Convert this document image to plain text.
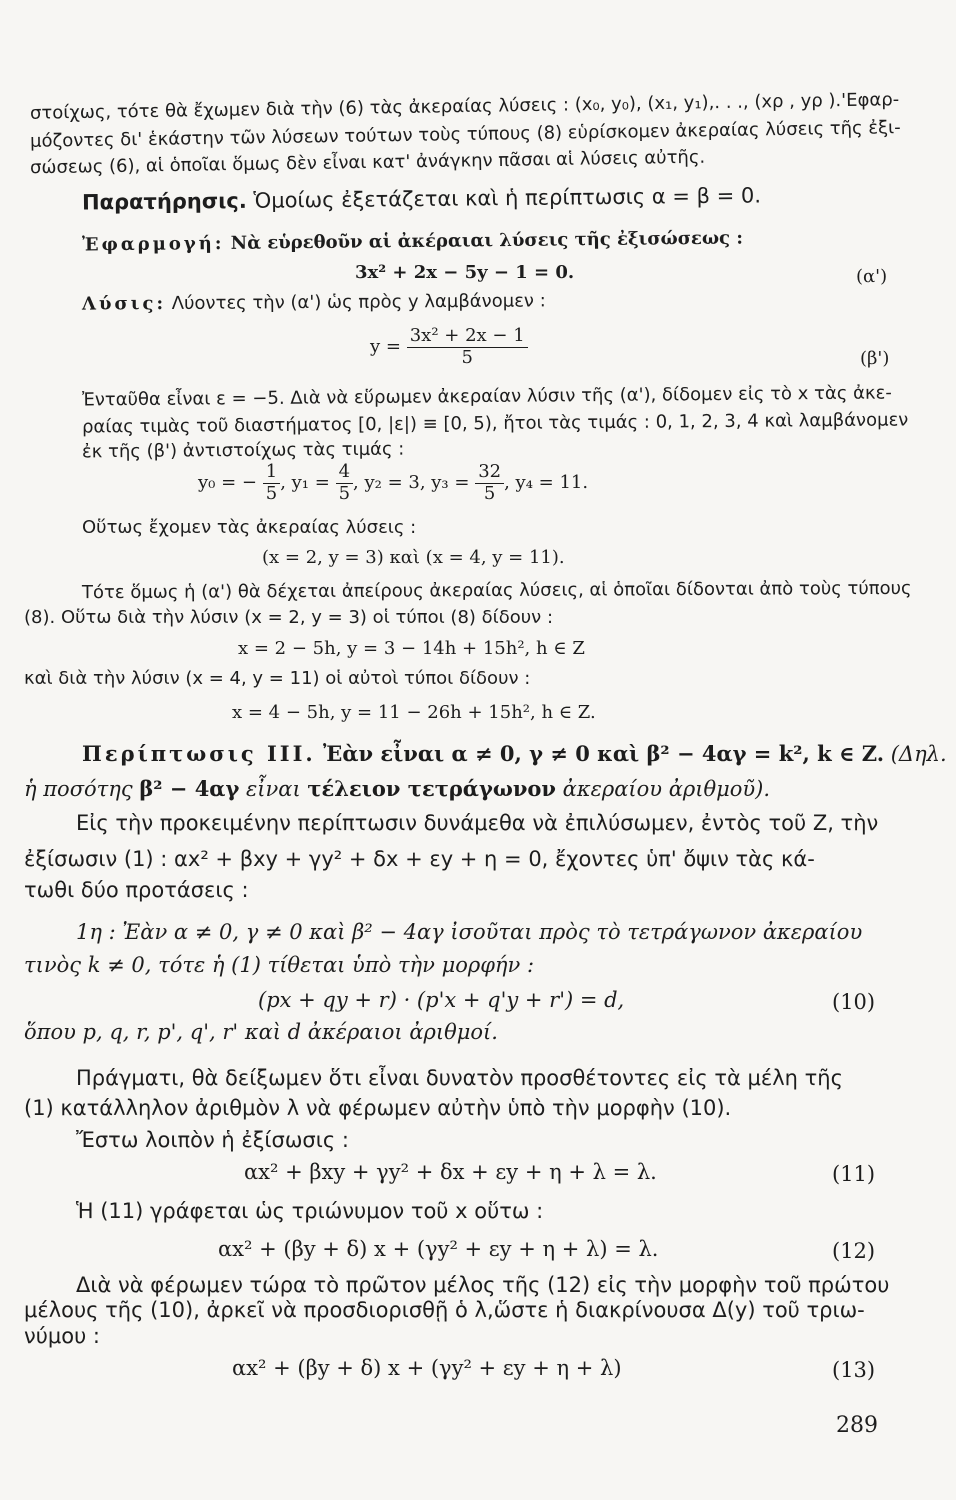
στοίχως, τότε θὰ ἔχωμεν διὰ τὴν (6) τὰς ἀκεραίας λύσεις : (x₀, y₀), (x₁, y₁),. . ., (xρ , yρ ).'Εφαρ-

μόζοντες δι' ἑκάστην τῶν λύσεων τούτων τοὺς τύπους (8) εὑρίσκομεν ἀκεραίας λύσεις τῆς ἐξι-

σώσεως (6), αἱ ὁποῖαι ὅμως δὲν εἶναι κατ' ἀνάγκην πᾶσαι αἱ λύσεις αὐτῆς.

Παρατήρησις. Ὁμοίως ἐξετάζεται καὶ ἡ περίπτωσις α = β = 0.

Ἐφαρμογή: Νὰ εὑρεθοῦν αἱ ἀκέραιαι λύσεις τῆς ἐξισώσεως :

3x² + 2x − 5y − 1 = 0.	(α')

Λύσις: Λύοντες τὴν (α') ὡς πρὸς y λαμβάνομεν :

$y = \frac{\text{3x² + 2x − 1}}{5}$	(β')

Ἐνταῦθα εἶναι ε = −5. Διὰ νὰ εὕρωμεν ἀκεραίαν λύσιν τῆς (α'), δίδομεν εἰς τὸ x τὰς ἀκε-

ραίας τιμὰς τοῦ διαστήματος [0, |ε|) ≡ [0, 5), ἤτοι τὰς τιμάς : 0, 1, 2, 3, 4 καὶ λαμβάνομεν

ἐκ τῆς (β') ἀντιστοίχως τὰς τιμάς :

y₀ = − $\frac{1}{5}$ , $y_1 = \frac{4}{5}$ , y₂ = 3, $y_3 = \frac{32}{5}$ , y₄ = 11.

Οὕτως ἔχομεν τὰς ἀκεραίας λύσεις :

(x = 2, y = 3) καὶ (x = 4, y = 11).

Τότε ὅμως ἡ (α') θὰ δέχεται ἀπείρους ἀκεραίας λύσεις, αἱ ὁποῖαι δίδονται ἀπὸ τοὺς τύπους

(8). Οὕτω διὰ τὴν λύσιν (x = 2, y = 3) οἱ τύποι (8) δίδουν :

x = 2 − 5h, y = 3 − 14h + 15h², h ∈ Z

καὶ διὰ τὴν λύσιν (x = 4, y = 11) οἱ αὐτοὶ τύποι δίδουν :

x = 4 − 5h, y = 11 − 26h + 15h², h ∈ Z.

Περίπτωσις III. Ἐὰν εἶναι α ≠ 0, γ ≠ 0 καὶ β² − 4αγ = k², k ∈ Z. (Δηλ.

ἡ ποσότης β² − 4αγ εἶναι τέλειον τετράγωνον ἀκεραίου ἀριθμοῦ).

Εἰς τὴν προκειμένην περίπτωσιν δυνάμεθα νὰ ἐπιλύσωμεν, ἐντὸς τοῦ Z, τὴν

ἐξίσωσιν (1) : αx² + βxy + γy² + δx + εy + η = 0, ἔχοντες ὑπ' ὄψιν τὰς κά-

τωθι δύο προτάσεις :

1η : Ἐὰν α ≠ 0, γ ≠ 0 καὶ β² − 4αγ ἰσοῦται πρὸς τὸ τετράγωνον ἀκεραίου

τινὸς k ≠ 0, τότε ἡ (1) τίθεται ὑπὸ τὴν μορφήν :

(px + qy + r) · (p'x + q'y + r') = d,	(10)

ὅπου p, q, r, p', q', r' καὶ d ἀκέραιοι ἀριθμοί.

Πράγματι, θὰ δείξωμεν ὅτι εἶναι δυνατὸν προσθέτοντες εἰς τὰ μέλη τῆς

(1) κατάλληλον ἀριθμὸν λ νὰ φέρωμεν αὐτὴν ὑπὸ τὴν μορφὴν (10).

Ἔστω λοιπὸν ἡ ἐξίσωσις :

αx² + βxy + γy² + δx + εy + η + λ = λ.	(11)

Ἡ (11) γράφεται ὡς τριώνυμον τοῦ x οὕτω :

αx² + (βy + δ) x + (γy² + εy + η + λ) = λ.	(12)

Διὰ νὰ φέρωμεν τώρα τὸ πρῶτον μέλος τῆς (12) εἰς τὴν μορφὴν τοῦ πρώτου

μέλους τῆς (10), ἀρκεῖ νὰ προσδιορισθῇ ὁ λ,ὥστε ἡ διακρίνουσα Δ(y) τοῦ τριω-

νύμου :

αx² + (βy + δ) x + (γy² + εy + η + λ)	(13)
289
